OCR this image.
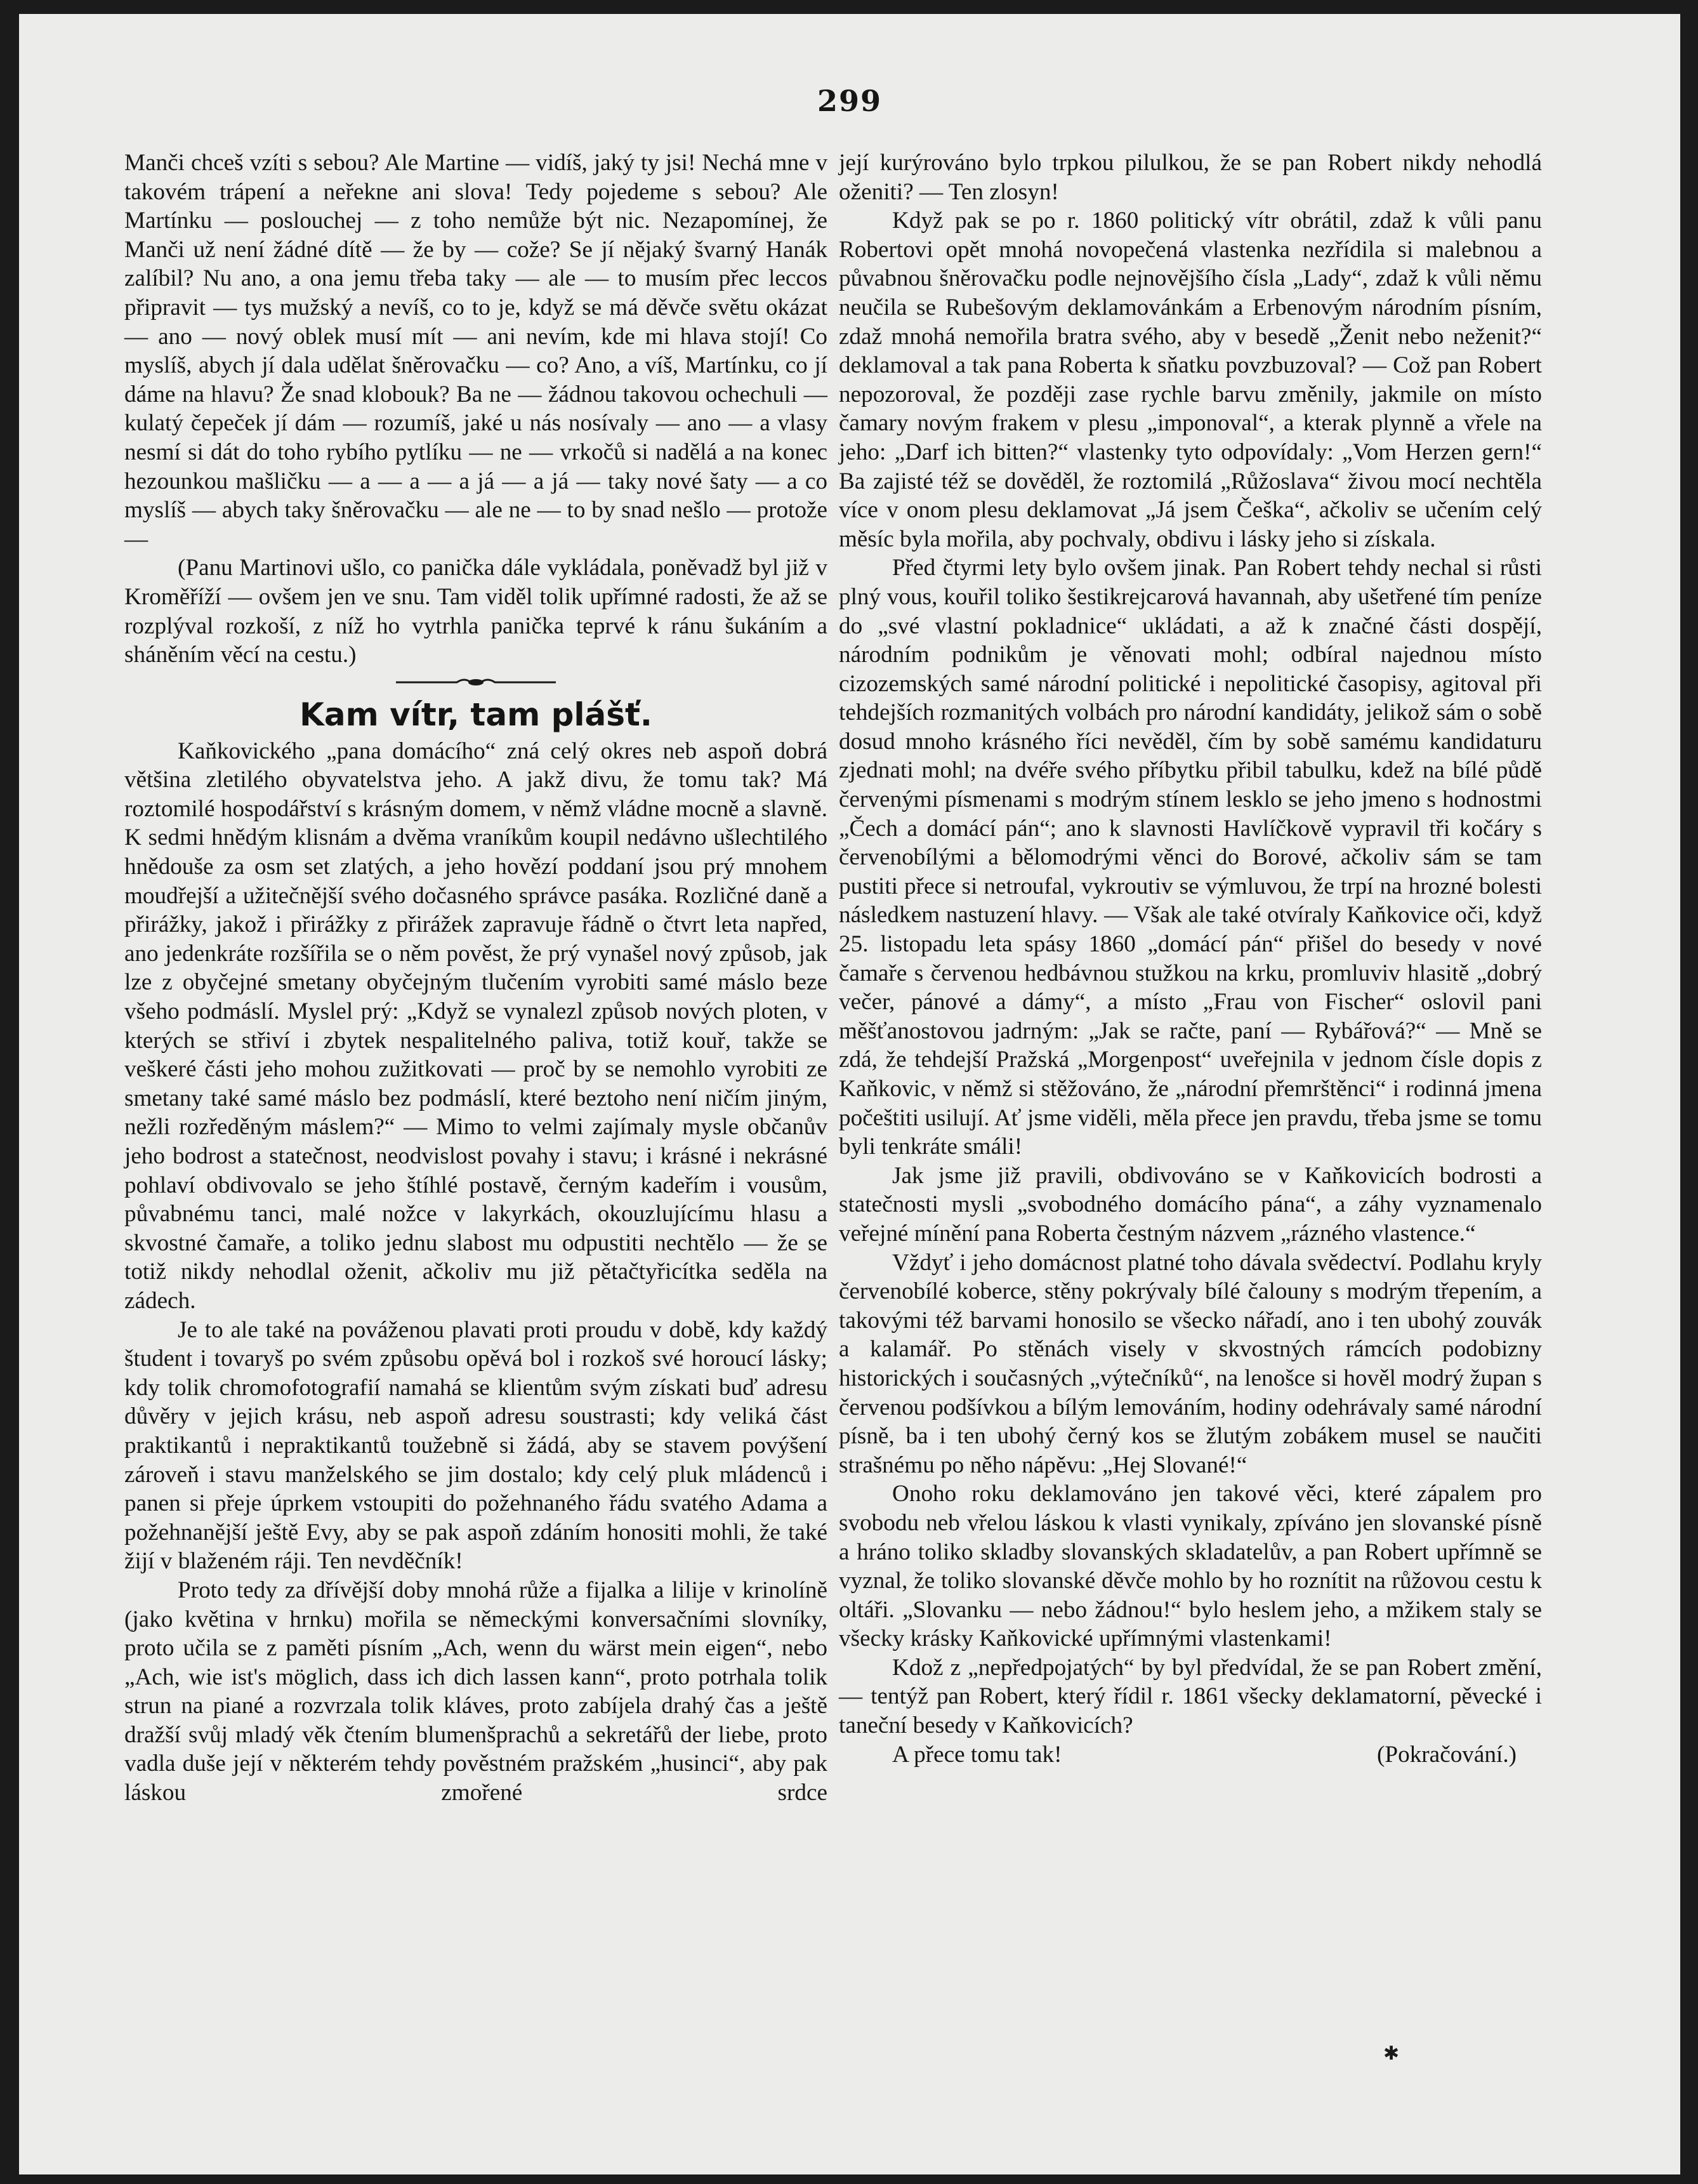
299

Manči chceš vzíti s sebou? Ale Martine — vidíš, jaký ty jsi! Nechá mne v takovém trápení a neřekne ani slova! Tedy pojedeme s sebou? Ale Martínku — poslouchej — z toho nemůže být nic. Nezapomínej, že Manči už není žádné dítě — že by — cože? Se jí nějaký švarný Hanák zalíbil? Nu ano, a ona jemu třeba taky — ale — to musím přec leccos připravit — tys mužský a nevíš, co to je, když se má děvče světu okázat — ano — nový oblek musí mít — ani nevím, kde mi hlava stojí! Co myslíš, abych jí dala udělat šněrovačku — co? Ano, a víš, Martínku, co jí dáme na hlavu? Že snad klobouk? Ba ne — žádnou takovou ochechuli — kulatý čepeček jí dám — rozumíš, jaké u nás nosívaly — ano — a vlasy nesmí si dát do toho rybího pytlíku — ne — vrkočů si nadělá a na konec hezounkou mašličku — a — a — a já — a já — taky nové šaty — a co myslíš — abych taky šněrovačku — ale ne — to by snad nešlo — protože —

(Panu Martinovi ušlo, co panička dále vykládala, poněvadž byl již v Kroměříží — ovšem jen ve snu. Tam viděl tolik upřímné radosti, že až se rozplýval rozkoší, z níž ho vytrhla panička teprvé k ránu šukáním a sháněním věcí na cestu.)

Kam vítr, tam plášť.

Kaňkovického „pana domácího“ zná celý okres neb aspoň dobrá většina zletilého obyvatelstva jeho. A jakž divu, že tomu tak? Má roztomilé hospodářství s krásným domem, v němž vládne mocně a slavně. K sedmi hnědým klisnám a dvěma vraníkům koupil nedávno ušlechtilého hnědouše za osm set zlatých, a jeho hovězí poddaní jsou prý mnohem moudřejší a užitečnější svého dočasného správce pasáka. Rozličné daně a přirážky, jakož i přirážky z přirážek zapravuje řádně o čtvrt leta napřed, ano jedenkráte rozšířila se o něm pověst, že prý vynašel nový způsob, jak lze z obyčejné smetany obyčejným tlučením vyrobiti samé máslo beze všeho podmáslí. Myslel prý: „Když se vynalezl způsob nových ploten, v kterých se střiví i zbytek nespalitelného paliva, totiž kouř, takže se veškeré části jeho mohou zužitkovati — proč by se nemohlo vyrobiti ze smetany také samé máslo bez podmáslí, které beztoho není ničím jiným, nežli rozředěným máslem?“ — Mimo to velmi zajímaly mysle občanův jeho bodrost a statečnost, neodvislost povahy i stavu; i krásné i nekrásné pohlaví obdivovalo se jeho štíhlé postavě, černým kadeřím i vousům, půvabnému tanci, malé nožce v lakyrkách, okouzlujícímu hlasu a skvostné čamaře, a toliko jednu slabost mu odpustiti nechtělo — že se totiž nikdy nehodlal oženit, ačkoliv mu již pětačtyřicítka seděla na zádech.

Je to ale také na pováženou plavati proti proudu v době, kdy každý študent i tovaryš po svém způsobu opěvá bol i rozkoš své horoucí lásky; kdy tolik chromofotografií namahá se klientům svým získati buď adresu důvěry v jejich krásu, neb aspoň adresu soustrasti; kdy veliká část praktikantů i nepraktikantů toužebně si žádá, aby se stavem povýšení zároveň i stavu manželského se jim dostalo; kdy celý pluk mládenců i panen si přeje úprkem vstoupiti do požehnaného řádu svatého Adama a požehnanější ještě Evy, aby se pak aspoň zdáním honositi mohli, že také žijí v blaženém ráji. Ten nevděčník!

Proto tedy za dřívější doby mnohá růže a fijalka a lilije v krinolíně (jako květina v hrnku) mořila se německými konversačními slovníky, proto učila se z paměti písním „Ach, wenn du wärst mein eigen“, nebo „Ach, wie ist's möglich, dass ich dich lassen kann“, proto potrhala tolik strun na piané a rozvrzala tolik kláves, proto zabíjela drahý čas a ještě dražší svůj mladý věk čtením blumenšprachů a sekretářů der liebe, proto vadla duše její v některém tehdy pověstném pražském „husinci“, aby pak láskou zmořené srdce

její kurýrováno bylo trpkou pilulkou, že se pan Robert nikdy nehodlá oženiti? — Ten zlosyn!

Když pak se po r. 1860 politický vítr obrátil, zdaž k vůli panu Robertovi opět mnohá novopečená vlastenka nezřídila si malebnou a půvabnou šněrovačku podle nejnovějšího čísla „Lady“, zdaž k vůli němu neučila se Rubešovým deklamovánkám a Erbenovým národním písním, zdaž mnohá nemořila bratra svého, aby v besedě „Ženit nebo neženit?“ deklamoval a tak pana Roberta k sňatku povzbuzoval? — Což pan Robert nepozoroval, že později zase rychle barvu změnily, jakmile on místo čamary novým frakem v plesu „imponoval“, a kterak plynně a vřele na jeho: „Darf ich bitten?“ vlastenky tyto odpovídaly: „Vom Herzen gern!“ Ba zajisté též se dověděl, že roztomilá „Růžoslava“ živou mocí nechtěla více v onom plesu deklamovat „Já jsem Češka“, ačkoliv se učením celý měsíc byla mořila, aby pochvaly, obdivu i lásky jeho si získala.

Před čtyrmi lety bylo ovšem jinak. Pan Robert tehdy nechal si růsti plný vous, kouřil toliko šestikrejcarová havannah, aby ušetřené tím peníze do „své vlastní pokladnice“ ukládati, a až k značné části dospějí, národním podnikům je věnovati mohl; odbíral najednou místo cizozemských samé národní politické i nepolitické časopisy, agitoval při tehdejších rozmanitých volbách pro národní kandidáty, jelikož sám o sobě dosud mnoho krásného říci nevěděl, čím by sobě samému kandidaturu zjednati mohl; na dvéře svého příbytku přibil tabulku, kdež na bílé půdě červenými písmenami s modrým stínem lesklo se jeho jmeno s hodnostmi „Čech a domácí pán“; ano k slavnosti Havlíčkově vypravil tři kočáry s červenobílými a bělomodrými věnci do Borové, ačkoliv sám se tam pustiti přece si netroufal, vykroutiv se výmluvou, že trpí na hrozné bolesti následkem nastuzení hlavy. — Však ale také otvíraly Kaňkovice oči, když 25. listopadu leta spásy 1860 „domácí pán“ přišel do besedy v nové čamaře s červenou hedbávnou stužkou na krku, promluviv hlasitě „dobrý večer, pánové a dámy“, a místo „Frau von Fischer“ oslovil pani měšťanostovou jadrným: „Jak se račte, paní — Rybářová?“ — Mně se zdá, že tehdejší Pražská „Morgenpost“ uveřejnila v jednom čísle dopis z Kaňkovic, v němž si stěžováno, že „národní přemrštěnci“ i rodinná jmena počeštiti usilují. Ať jsme viděli, měla přece jen pravdu, třeba jsme se tomu byli tenkráte smáli!

Jak jsme již pravili, obdivováno se v Kaňkovicích bodrosti a statečnosti mysli „svobodného domácího pána“, a záhy vyznamenalo veřejné mínění pana Roberta čestným názvem „rázného vlastence.“

Vždyť i jeho domácnost platné toho dávala svědectví. Podlahu kryly červenobílé koberce, stěny pokrývaly bílé čalouny s modrým třepením, a takovými též barvami honosilo se všecko nářadí, ano i ten ubohý zouvák a kalamář. Po stěnách visely v skvostných rámcích podobizny historických i současných „výtečníků“, na lenošce si hověl modrý župan s červenou podšívkou a bílým lemováním, hodiny odehrávaly samé národní písně, ba i ten ubohý černý kos se žlutým zobákem musel se naučiti strašnému po něho nápěvu: „Hej Slované!“

Onoho roku deklamováno jen takové věci, které zápalem pro svobodu neb vřelou láskou k vlasti vynikaly, zpíváno jen slovanské písně a hráno toliko skladby slovanských skladatelův, a pan Robert upřímně se vyznal, že toliko slovanské děvče mohlo by ho roznítit na růžovou cestu k oltáři. „Slovanku — nebo žádnou!“ bylo heslem jeho, a mžikem staly se všecky krásky Kaňkovické upřímnými vlastenkami!

Kdož z „nepředpojatých“ by byl předvídal, že se pan Robert změní, — tentýž pan Robert, který řídil r. 1861 všecky deklamatorní, pěvecké i taneční besedy v Kaňkovicích?

A přece tomu tak!	(Pokračování.)
✱
